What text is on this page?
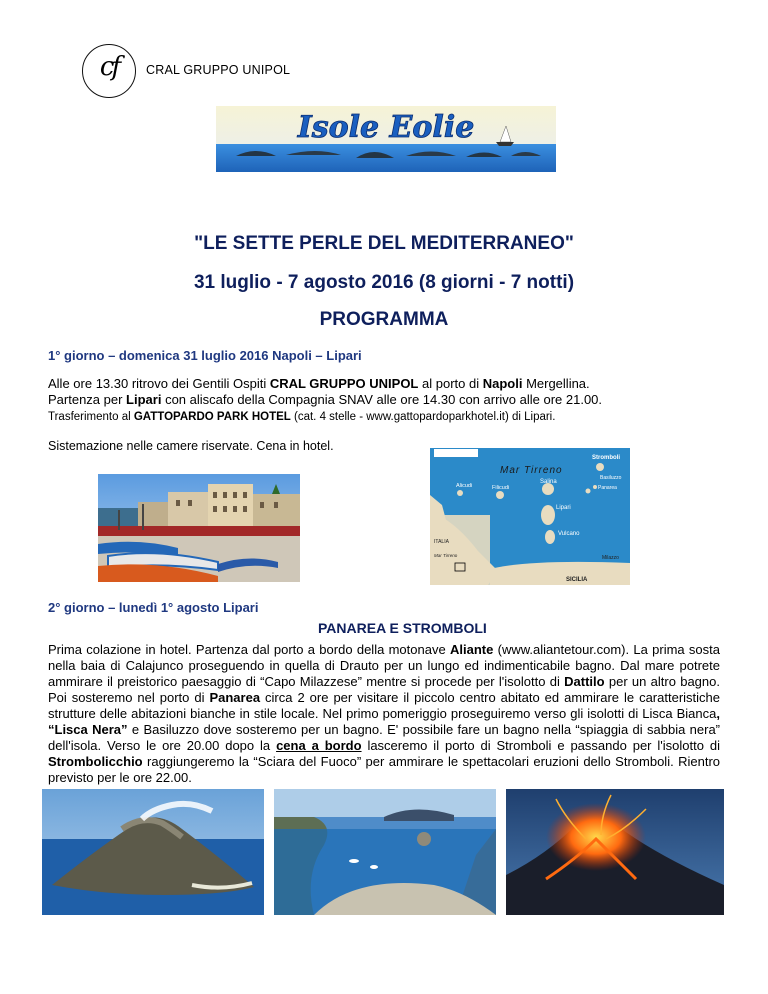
cf	CRAL GRUPPO UNIPOL
Isole Eolie
"LE SETTE PERLE DEL MEDITERRANEO"
31 luglio - 7 agosto 2016 (8 giorni - 7 notti)
PROGRAMMA
1° giorno – domenica 31 luglio 2016 Napoli – Lipari
Alle ore 13.30 ritrovo dei Gentili Ospiti CRAL GRUPPO UNIPOL al porto di Napoli Mergellina.
Partenza per Lipari con aliscafo della Compagnia SNAV alle ore 14.30 con arrivo alle ore 21.00.
Trasferimento al GATTOPARDO PARK HOTEL (cat. 4 stelle - www.gattopardoparkhotel.it) di Lipari.
Sistemazione nelle camere riservate. Cena in hotel.
Mar Tirreno
Stromboli
Basiluzzo
Panarea
Alicudi	Filicudi
Salina
Lipari
Vulcano
Milazzo
SICILIA
ITALIA
Mar Tirreno
2° giorno – lunedì 1° agosto Lipari
PANAREA E STROMBOLI
Prima colazione in hotel. Partenza dal porto a bordo della motonave Aliante (www.aliantetour.com). La prima sosta nella baia di Calajunco proseguendo in quella di Drauto per un lungo ed indimenticabile bagno. Dal mare potrete ammirare il preistorico paesaggio di “Capo Milazzese” mentre si procede per l'isolotto di Dattilo per un altro bagno. Poi sosteremo nel porto di Panarea circa 2 ore per visitare il piccolo centro abitato ed ammirare le caratteristiche strutture delle abitazioni bianche in stile locale. Nel primo pomeriggio proseguiremo verso gli isolotti di Lisca Bianca, “Lisca Nera” e Basiluzzo dove sosteremo per un bagno. E' possibile fare un bagno nella “spiaggia di sabbia nera” dell'isola. Verso le ore 20.00 dopo la cena a bordo lasceremo il porto di Stromboli e passando per l'isolotto di Strombolicchio raggiungeremo la “Sciara del Fuoco” per ammirare le spettacolari eruzioni dello Stromboli. Rientro previsto per le ore 22.00.
